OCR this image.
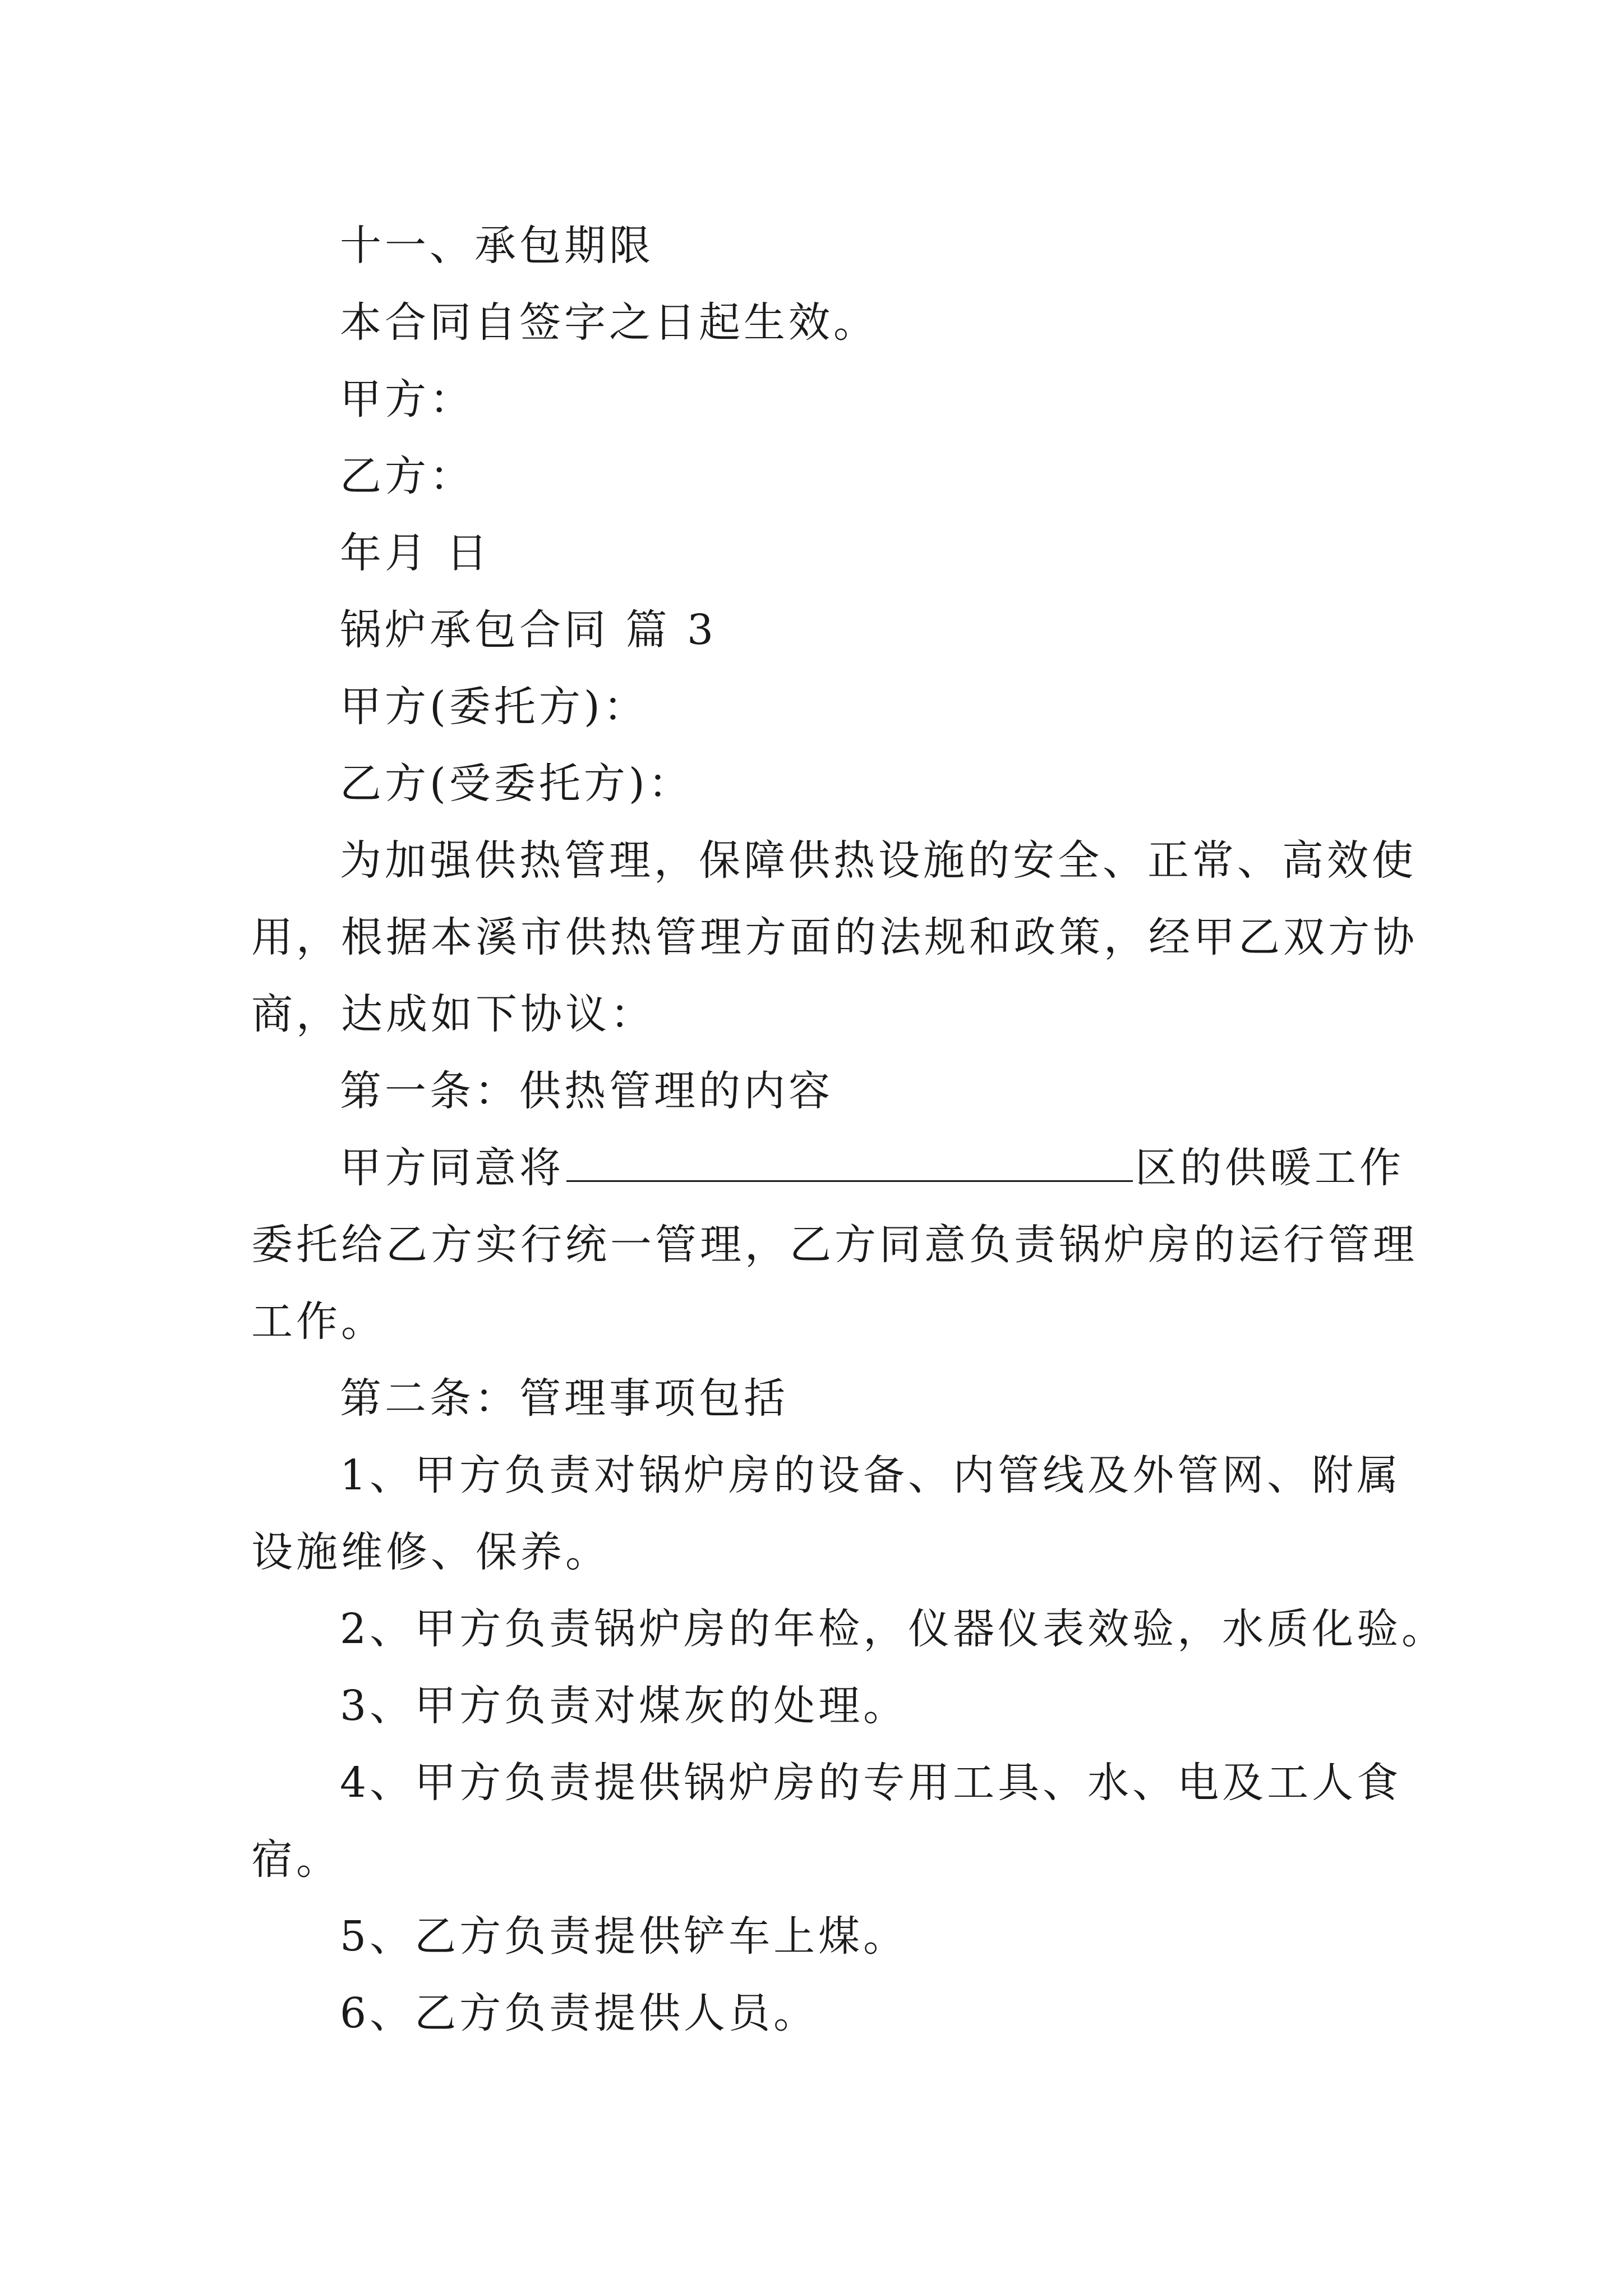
十一、承包期限
本合同自签字之日起生效。
甲方：
乙方：
年月 日
锅炉承包合同 篇 3
甲方(委托方)：
乙方(受委托方)：
为加强供热管理，保障供热设施的安全、正常、高效使
用，根据本溪市供热管理方面的法规和政策，经甲乙双方协
商，达成如下协议：
第一条：供热管理的内容
甲方同意将	区的供暖工作
委托给乙方实行统一管理，乙方同意负责锅炉房的运行管理
工作。
第二条：管理事项包括
1、甲方负责对锅炉房的设备、内管线及外管网、附属
设施维修、保养。
2、甲方负责锅炉房的年检，仪器仪表效验，水质化验。
3、甲方负责对煤灰的处理。
4、甲方负责提供锅炉房的专用工具、水、电及工人食
宿。
5、乙方负责提供铲车上煤。
6、乙方负责提供人员。
